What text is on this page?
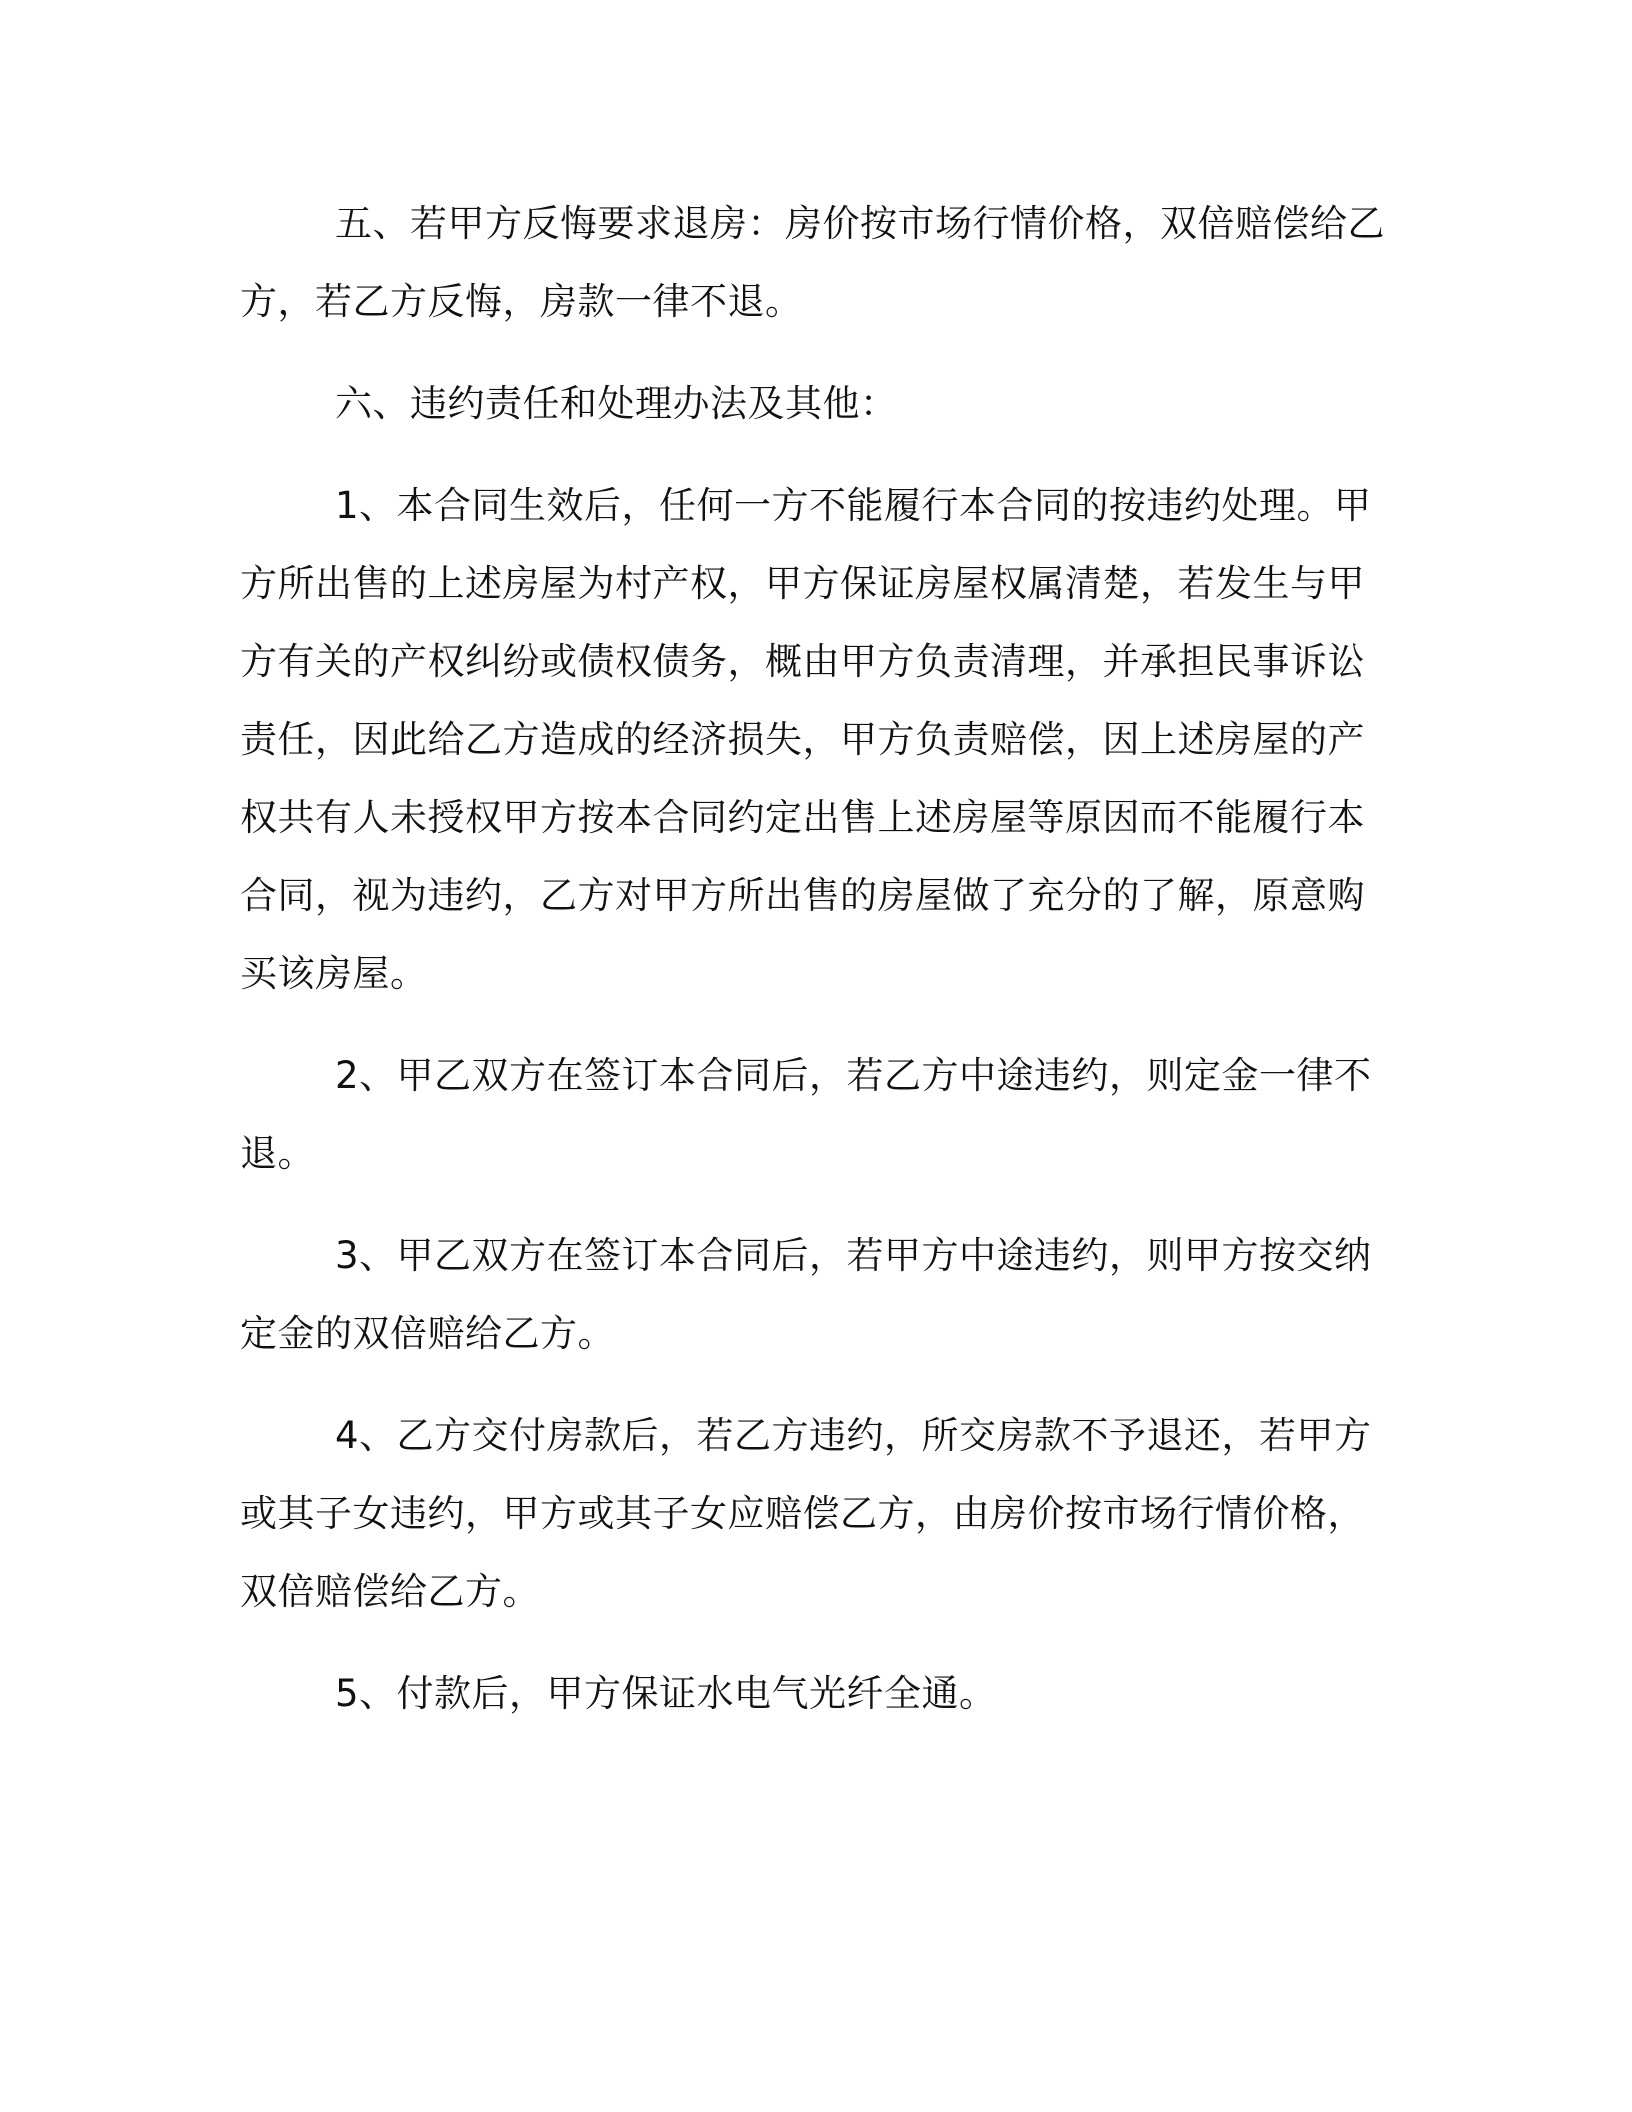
五、若甲方反悔要求退房：房价按市场行情价格，双倍赔偿给乙方，若乙方反悔，房款一律不退。

六、违约责任和处理办法及其他：

1、本合同生效后，任何一方不能履行本合同的按违约处理。甲方所出售的上述房屋为村产权，甲方保证房屋权属清楚，若发生与甲方有关的产权纠纷或债权债务，概由甲方负责清理，并承担民事诉讼责任，因此给乙方造成的经济损失，甲方负责赔偿，因上述房屋的产权共有人未授权甲方按本合同约定出售上述房屋等原因而不能履行本合同，视为违约，乙方对甲方所出售的房屋做了充分的了解，原意购买该房屋。

2、甲乙双方在签订本合同后，若乙方中途违约，则定金一律不退。

3、甲乙双方在签订本合同后，若甲方中途违约，则甲方按交纳定金的双倍赔给乙方。

4、乙方交付房款后，若乙方违约，所交房款不予退还，若甲方或其子女违约，甲方或其子女应赔偿乙方，由房价按市场行情价格，双倍赔偿给乙方。

5、付款后，甲方保证水电气光纤全通。
